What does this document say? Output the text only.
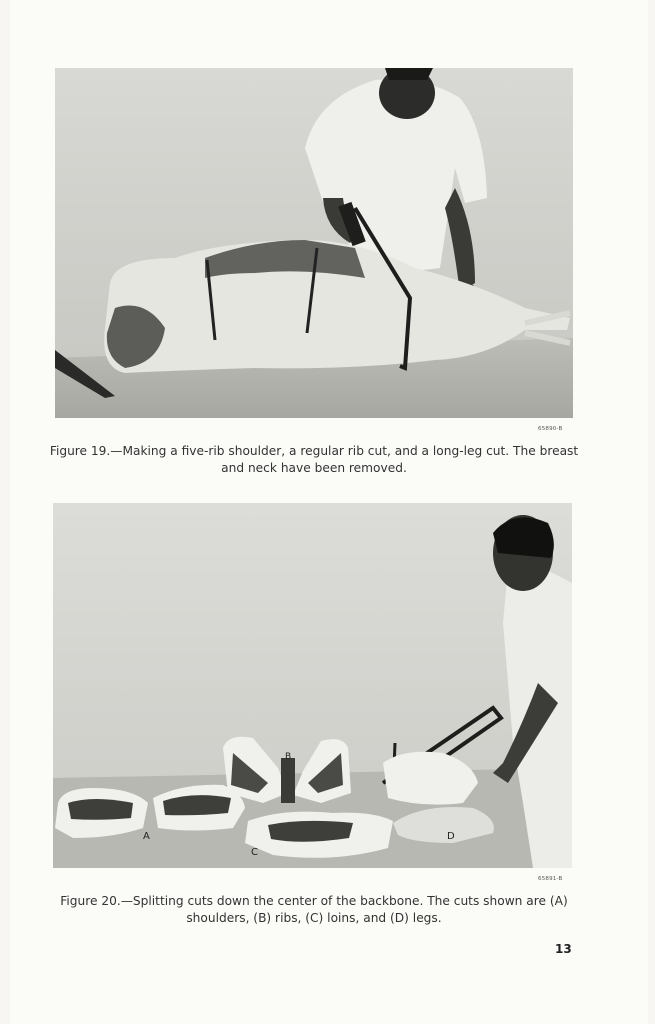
65890-B
Figure 19.—Making a five-rib shoulder, a regular rib cut, and a long-leg cut. The breast and neck have been removed.
A
B
C
D
65891-B
Figure 20.—Splitting cuts down the center of the backbone. The cuts shown are (A) shoulders, (B) ribs, (C) loins, and (D) legs.
13
